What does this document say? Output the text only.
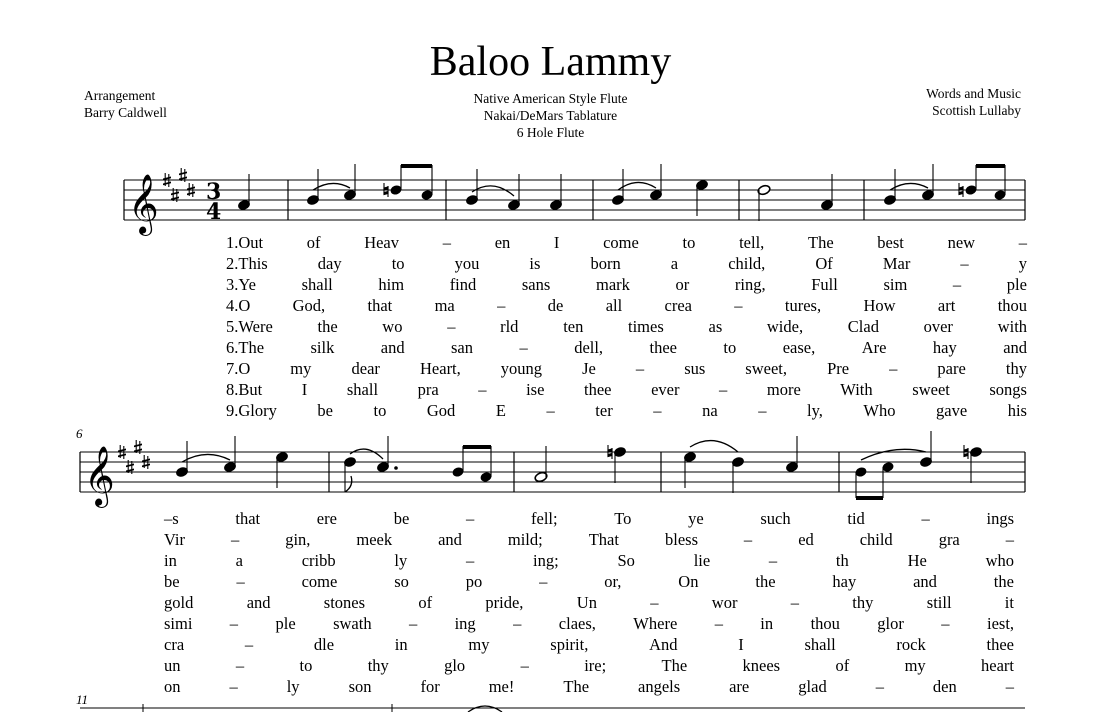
Baloo Lammy
Arrangement
Barry Caldwell
Native American Style Flute
Nakai/DeMars Tablature
6 Hole Flute
Words and Music
Scottish Lullaby
6
11
𝄞 3
4
𝄞
1.Out	of	Heav	–	en	I	come	to	tell,	The	best	new	–
2.This	day	to	you	is	born	a	child,	Of	Mar	–	y
3.Ye	shall	him	find	sans	mark	or	ring,	Full	sim	–	ple
4.O	God,	that	ma	–	de	all	crea	–	tures,	How	art	thou
5.Were	the	wo	–	rld	ten	times	as	wide,	Clad	over	with
6.The	silk	and	san	–	dell,	thee	to	ease,	Are	hay	and
7.O my dear Heart, young Je – sus sweet, Pre – pare thy
8.But I shall pra – ise thee ever – more With sweet songs
9.Glory be to God E – ter – na – ly, Who gave his
–s	that	ere	be	–	fell;	To	ye	such	tid	–	ings
Vir	–	gin,	meek	and	mild;	That	bless	–	ed	child	gra	–
in	a	cribb	ly	–	ing;	So	lie	–	th	He	who
be	–	come	so	po	–	or,	On	the	hay	and	the
gold	and	stones	of	pride,	Un	–	wor	–	thy	still	it
simi – ple swath – ing – claes, Where – in thou glor – iest,
cra	–	dle	in	my	spirit,	And	I	shall	rock	thee
un	–	to	thy	glo	–	ire;	The	knees	of	my	heart
on	–	ly	son	for	me!	The	angels	are	glad	–	den	–
